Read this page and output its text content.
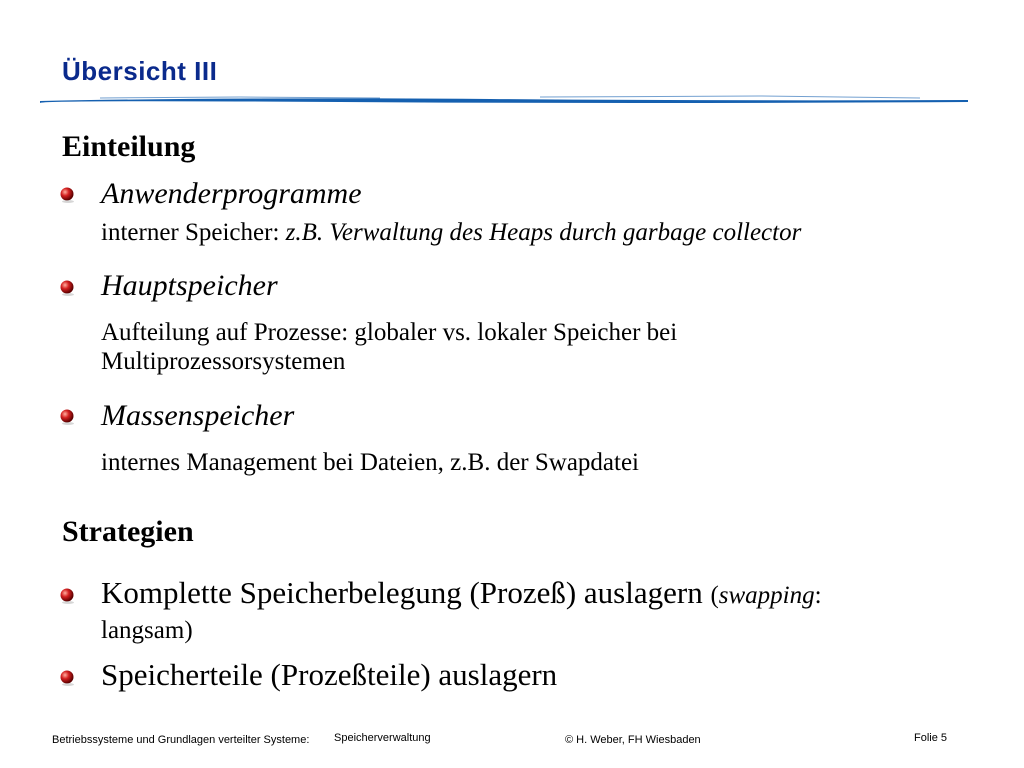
Übersicht III
Einteilung
Anwenderprogramme
interner Speicher: z.B. Verwaltung des Heaps durch garbage collector
Hauptspeicher
Aufteilung auf Prozesse: globaler vs. lokaler Speicher bei
Multiprozessorsystemen
Massenspeicher
internes Management bei Dateien, z.B. der Swapdatei
Strategien
Komplette Speicherbelegung (Prozeß) auslagern (swapping:
langsam)
Speicherteile (Prozeßteile) auslagern
Betriebssysteme und Grundlagen verteilter Systeme: Speicherverwaltung	© H. Weber, FH Wiesbaden	Folie 5
